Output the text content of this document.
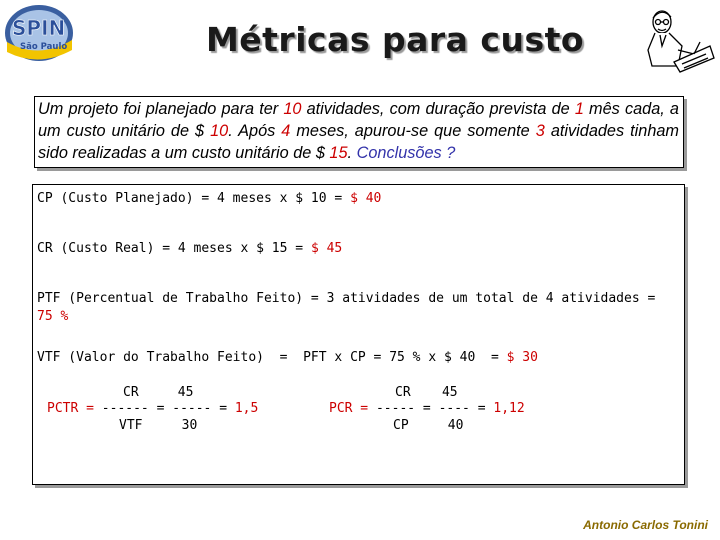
SPIN
São Paulo	Métricas para custo
Um projeto foi planejado para ter 10 atividades, com duração prevista de 1 mês cada, a um custo unitário de $ 10. Após 4 meses, apurou-se que somente 3 atividades tinham sido realizadas a um custo unitário de $ 15. Conclusões ?
CP (Custo Planejado) = 4 meses x $ 10 = $ 40
CR (Custo Real) = 4 meses x $ 15 = $ 45
PTF (Percentual de Trabalho Feito) = 3 atividades de um total de 4 atividades =
75 %
VTF (Valor do Trabalho Feito)  =  PFT x CP = 75 % x $ 40  = $ 30
CR     45
PCTR = ------ = ----- = 1,5
VTF     30
CR    45
PCR = ----- = ---- = 1,12
CP     40
Antonio Carlos Tonini
